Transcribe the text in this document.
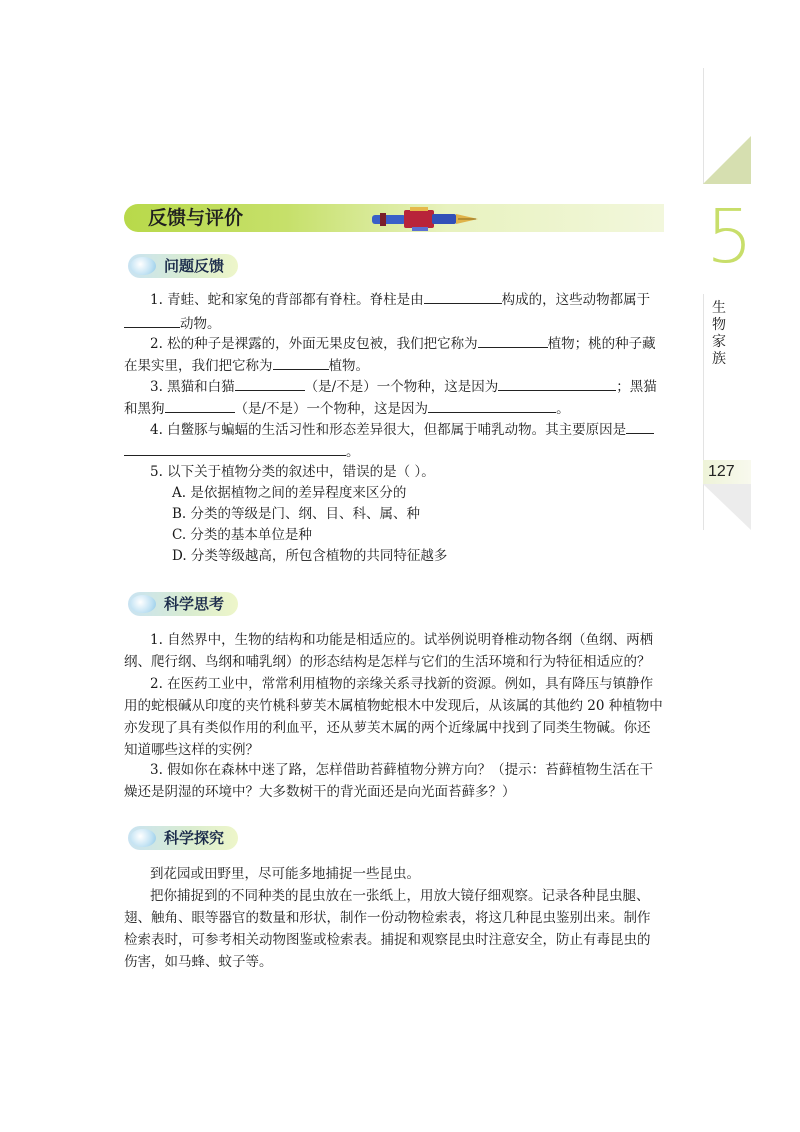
5
生物家族
127
反馈与评价
问题反馈
1. 青蛙、蛇和家兔的背部都有脊柱。脊柱是由	构成的，这些动物都属于
动物。
2. 松的种子是裸露的，外面无果皮包被，我们把它称为	植物；桃的种子藏
在果实里，我们把它称为	植物。
3. 黑猫和白猫	（是/不是）一个物种，这是因为	；黑猫
和黑狗	（是/不是）一个物种，这是因为	。
4. 白鳖豚与蝙蝠的生活习性和形态差异很大，但都属于哺乳动物。其主要原因是
。
5. 以下关于植物分类的叙述中，错误的是（ ）。
A. 是依据植物之间的差异程度来区分的
B. 分类的等级是门、纲、目、科、属、种
C. 分类的基本单位是种
D. 分类等级越高，所包含植物的共同特征越多
科学思考
1. 自然界中，生物的结构和功能是相适应的。试举例说明脊椎动物各纲（鱼纲、两栖
纲、爬行纲、鸟纲和哺乳纲）的形态结构是怎样与它们的生活环境和行为特征相适应的？
2. 在医药工业中，常常利用植物的亲缘关系寻找新的资源。例如，具有降压与镇静作
用的蛇根碱从印度的夹竹桃科萝芙木属植物蛇根木中发现后，从该属的其他约 20 种植物中
亦发现了具有类似作用的利血平，还从萝芙木属的两个近缘属中找到了同类生物碱。你还
知道哪些这样的实例？
3. 假如你在森林中迷了路，怎样借助苔藓植物分辨方向？（提示：苔藓植物生活在干
燥还是阴湿的环境中？大多数树干的背光面还是向光面苔藓多？）
科学探究
到花园或田野里，尽可能多地捕捉一些昆虫。
把你捕捉到的不同种类的昆虫放在一张纸上，用放大镜仔细观察。记录各种昆虫腿、
翅、触角、眼等器官的数量和形状，制作一份动物检索表，将这几种昆虫鉴别出来。制作
检索表时，可参考相关动物图鉴或检索表。捕捉和观察昆虫时注意安全，防止有毒昆虫的
伤害，如马蜂、蚊子等。
